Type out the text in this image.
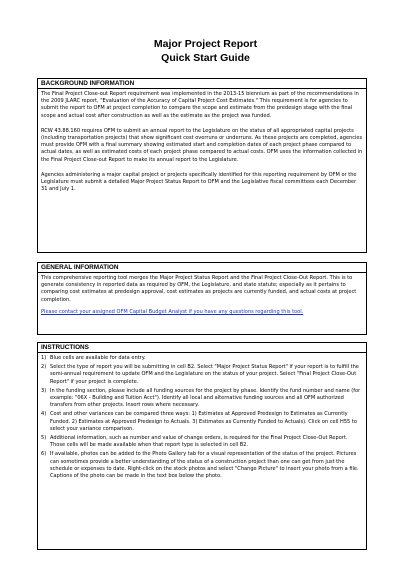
Major Project Report
Quick Start Guide
BACKGROUND INFORMATION

The Final Project Close-out Report requirement was implemented in the 2013-15 biennium as part of the recommendations in the 2009 JLARC report, "Evaluation of the Accuracy of Capital Project Cost Estimates." This requirement is for agencies to submit the report to OFM at project completion to compare the scope and estimate from the predesign stage with the final scope and actual cost after construction as well as the estimate as the project was funded.

RCW 43.88.160 requires OFM to submit an annual report to the Legislature on the status of all appropriated capital projects (including transportation projects) that show significant cost overruns or underruns. As these projects are completed, agencies must provide OFM with a final summary showing estimated start and completion dates of each project phase compared to actual dates, as well as estimated costs of each project phase compared to actual costs. OFM uses the information collected in the Final Project Close-out Report to make its annual report to the Legislature.

Agencies administering a major capital project or projects specifically identified for this reporting requirement by OFM or the Legislature must submit a detailed Major Project Status Report to OFM and the Legislative fiscal committees each December 31 and July 1.

GENERAL INFORMATION

This comprehensive reporting tool merges the Major Project Status Report and the Final Project Close-Out Report. This is to generate consistency in reported data as required by OFM, the Legislature, and state statute; especially as it pertains to comparing cost estimates at predesign approval, cost estimates as projects are currently funded, and actual costs at project completion.

Please contact your assigned OFM Capital Budget Analyst if you have any questions regarding this tool.
INSTRUCTIONS
1) Blue cells are available for data entry.
2) Select the type of report you will be submitting in cell B2. Select "Major Project Status Report" if your report is to fulfill the semi-annual requirement to update OFM and the Legislature on the status of your project. Select "Final Project Close-Out Report" if your project is complete.
3) In the funding section, please include all funding sources for the project by phase. Identify the fund number and name (for example: "06X - Building and Tuition Acct"). Identify all local and alternative funding sources and all OFM authorized transfers from other projects. Insert rows where necessary.
4) Cost and other variances can be compared three ways: 1) Estimates at Approved Predesign to Estimates as Currently Funded. 2) Estimates at Approved Predesign to Actuals. 3) Estimates as Currently Funded to Actuals). Click on cell H55 to select your variance comparison.
5) Additional information, such as number and value of change orders, is required for the Final Project Close-Out Report. Those cells will be made available when that report type is selected in cell B2.
6) If available, photos can be added to the Photo Gallery tab for a visual representation of the status of the project. Pictures can sometimes provide a better understanding of the status of a construction project than one can get from just the schedule or expenses to date. Right-click on the stock photos and select "Change Picture" to insert your photo from a file. Captions of the photo can be made in the text box below the photo.
